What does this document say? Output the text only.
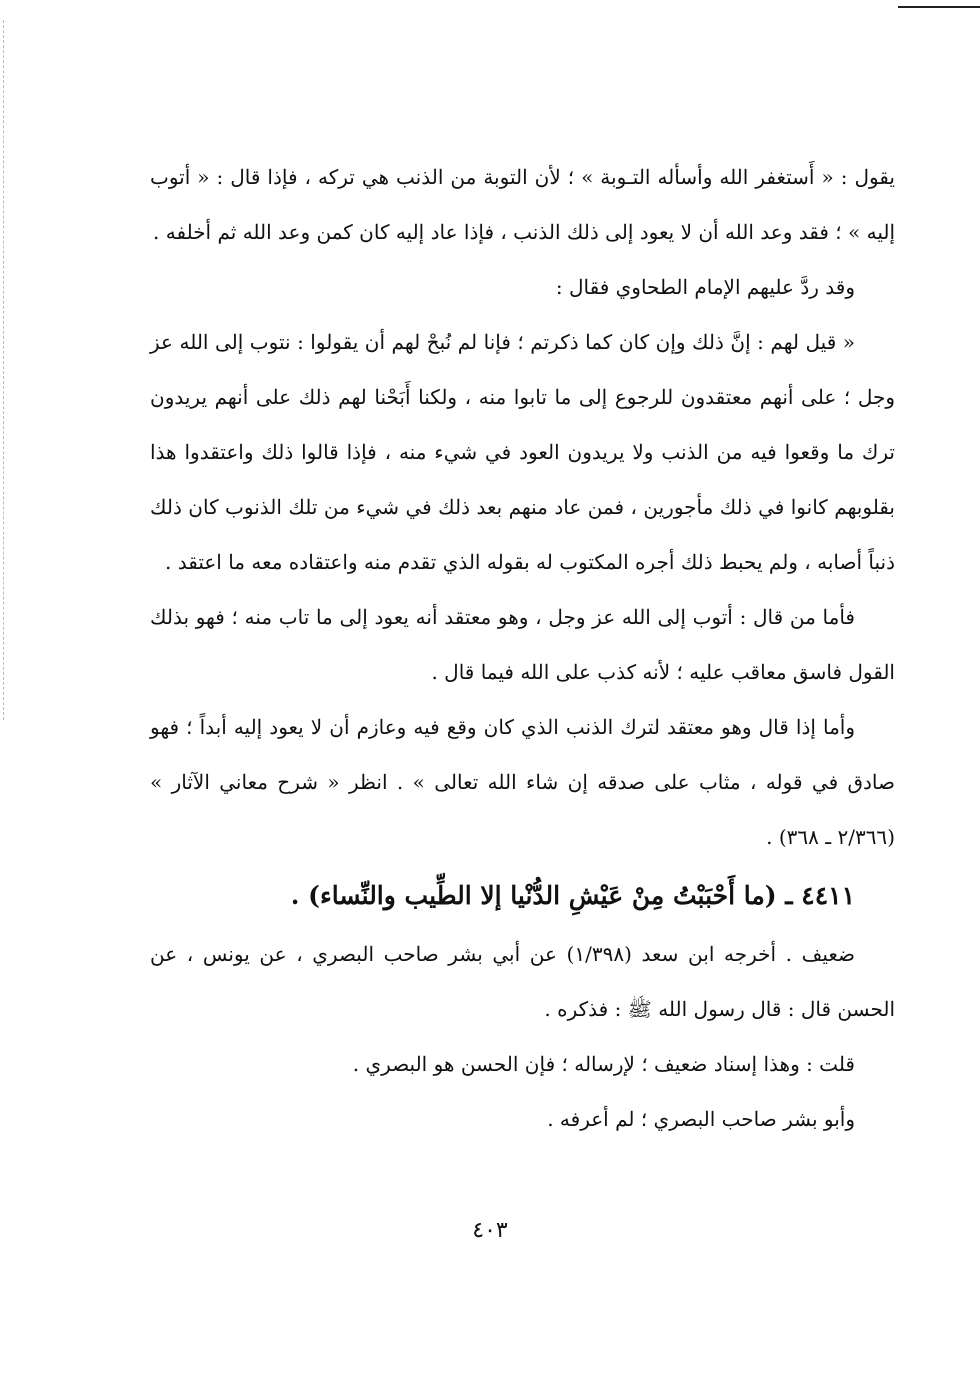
يقول : « أَستغفر الله وأسأله التـوبة » ؛ لأن التوبة من الذنب هي تركه ، فإذا قال : « أتوب إليه » ؛ فقد وعد الله أن لا يعود إلى ذلك الذنب ، فإذا عاد إليه كان كمن وعد الله ثم أخلفه .

وقد ردَّ عليهم الإمام الطحاوي فقال :

« قيل لهم : إنَّ ذلك وإن كان كما ذكرتم ؛ فإنا لم نُبحْ لهم أن يقولوا : نتوب إلى الله عز وجل ؛ على أنهم معتقدون للرجوع إلى ما تابوا منه ، ولكنا أَبَحْنا لهم ذلك على أنهم يريدون ترك ما وقعوا فيه من الذنب ولا يريدون العود في شيء منه ، فإذا قالوا ذلك واعتقدوا هذا بقلوبهم كانوا في ذلك مأجورين ، فمن عاد منهم بعد ذلك في شيء من تلك الذنوب كان ذلك ذنباً أصابه ، ولم يحبط ذلك أجره المكتوب له بقوله الذي تقدم منه واعتقاده معه ما اعتقد .

فأما من قال : أتوب إلى الله عز وجل ، وهو معتقد أنه يعود إلى ما تاب منه ؛ فهو بذلك القول فاسق معاقب عليه ؛ لأنه كذب على الله فيما قال .

وأما إذا قال وهو معتقد لترك الذنب الذي كان وقع فيه وعازم أن لا يعود إليه أبداً ؛ فهو صادق في قوله ، مثاب على صدقه إن شاء الله تعالى » . انظر « شرح معاني الآثار » (٢/٣٦٦ ـ ٣٦٨) .

٤٤١١ ـ (ما أَحْبَبْتُ مِنْ عَيْشِ الدُّنْيا إلا الطِّيب والنِّساء) .

ضعيف . أخرجه ابن سعد (١/٣٩٨) عن أبي بشر صاحب البصري ، عن يونس ، عن الحسن قال : قال رسول الله ﷺ : فذكره .

قلت : وهذا إسناد ضعيف ؛ لإرساله ؛ فإن الحسن هو البصري .

وأبو بشر صاحب البصري ؛ لم أعرفه .

٤٠٣
